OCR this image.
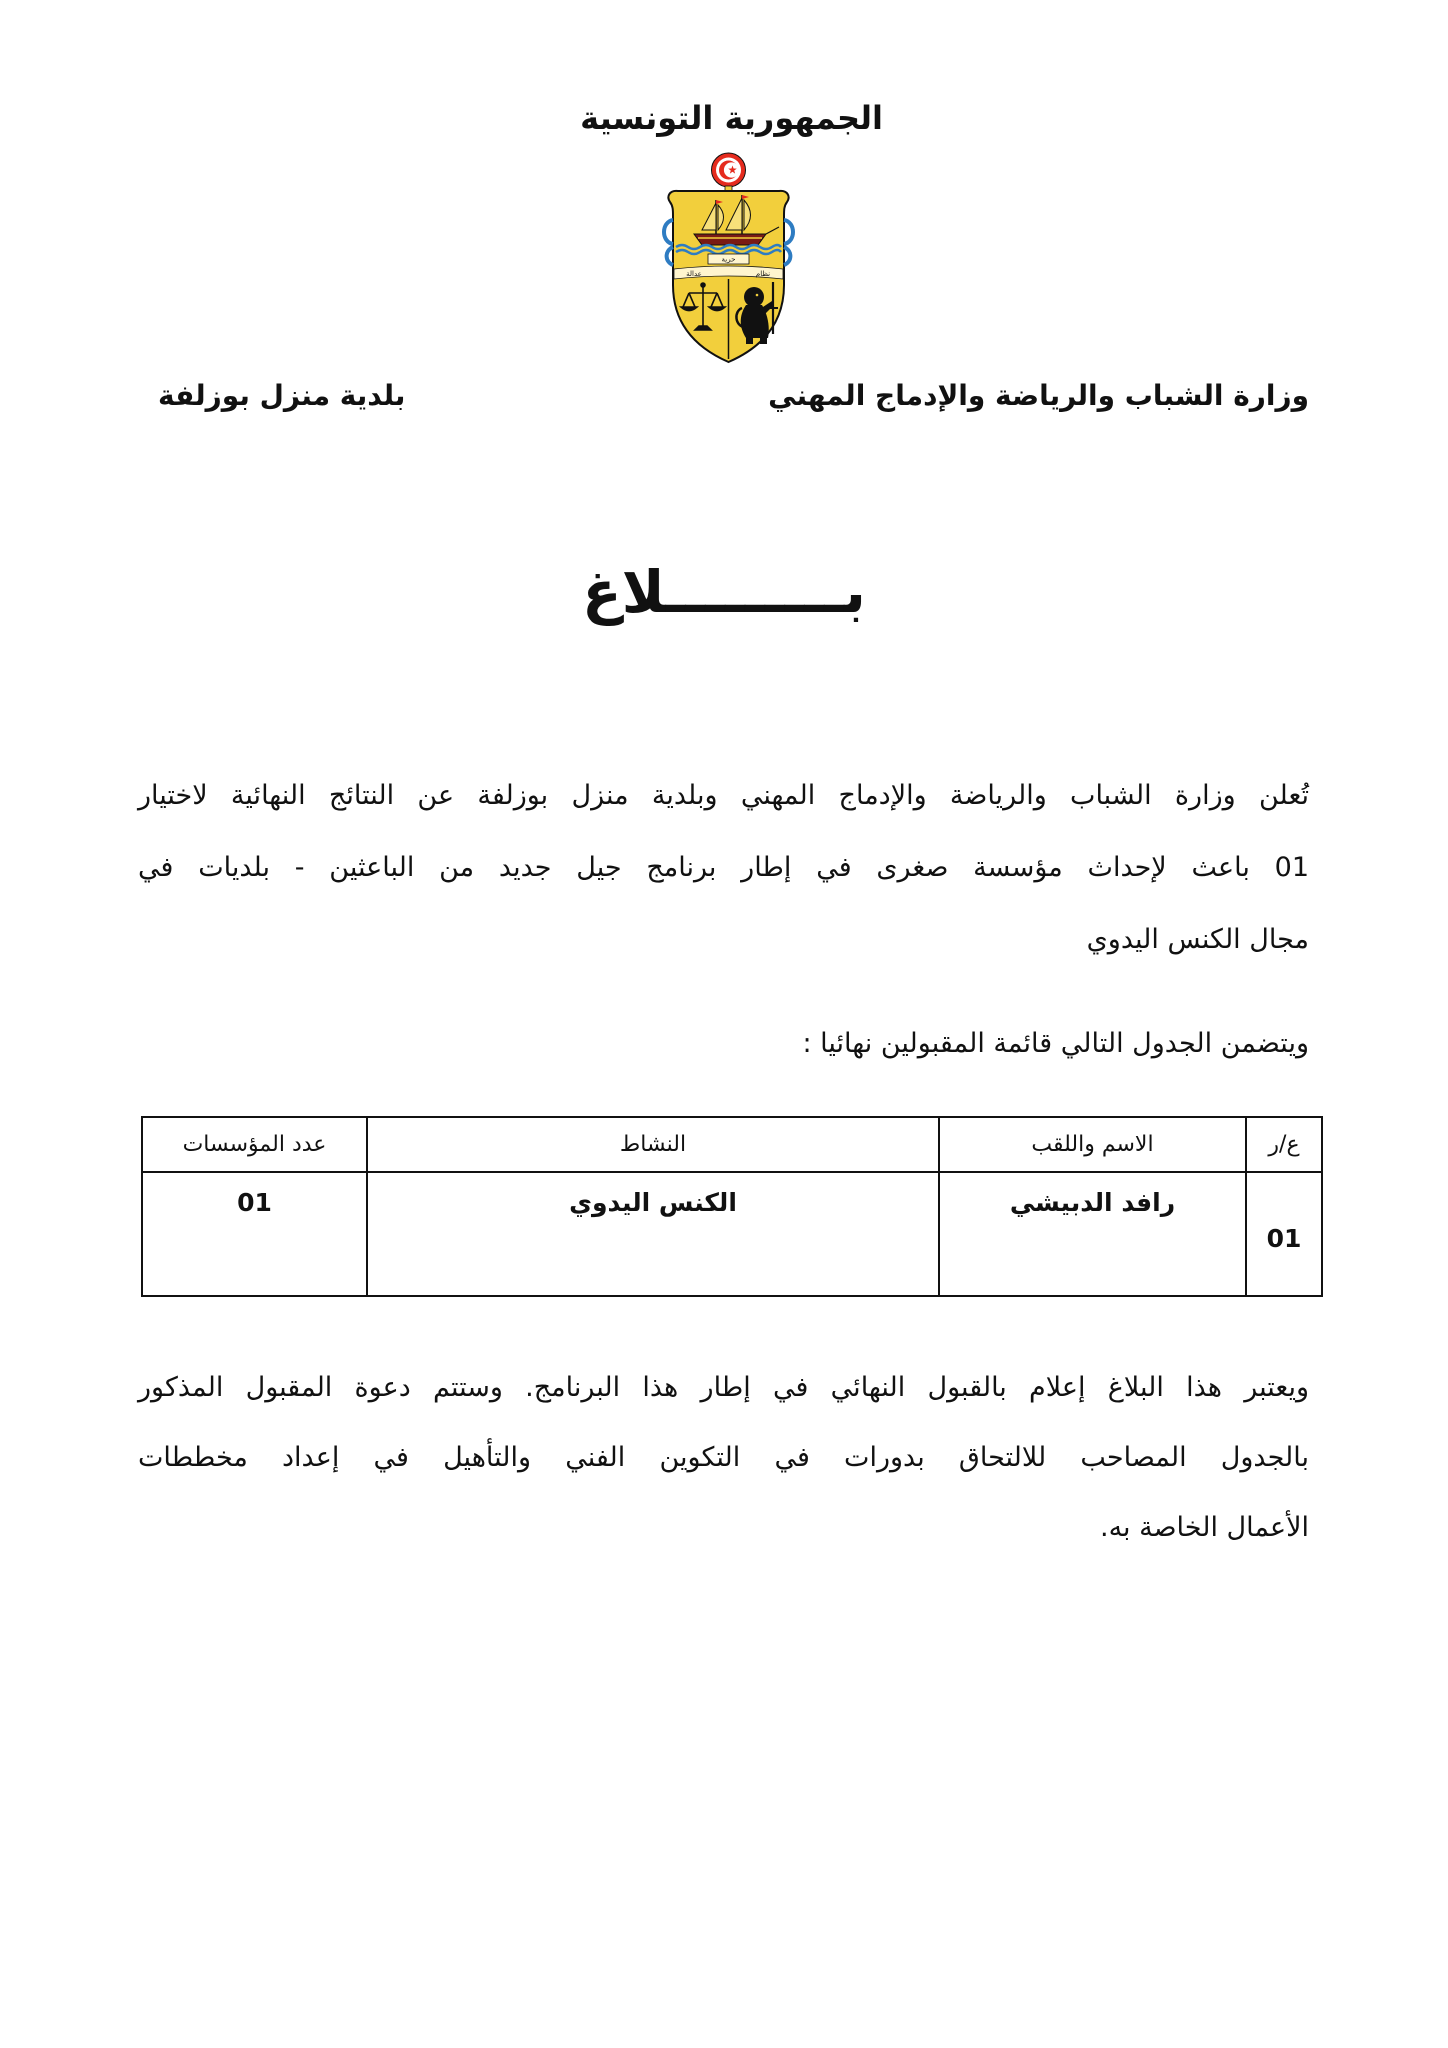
الجمهورية التونسية
حرية
عدالة	نظام
وزارة الشباب والرياضة والإدماج المهني
بلدية منزل بوزلفة
بـــــــــلاغ
تُعلن وزارة الشباب والرياضة والإدماج المهني وبلدية منزل بوزلفة عن النتائج النهائية لاختيار
01 باعث لإحداث مؤسسة صغرى في إطار برنامج جيل جديد من الباعثين - بلديات في
مجال الكنس اليدوي
ويتضمن الجدول التالي قائمة المقبولين نهائيا :
ع/ر	الاسم واللقب	النشاط	عدد المؤسسات
01	رافد الدبيشي	الكنس اليدوي	01
ويعتبر هذا البلاغ إعلام بالقبول النهائي في إطار هذا البرنامج. وستتم دعوة المقبول المذكور
بالجدول المصاحب للالتحاق بدورات في التكوين الفني والتأهيل في إعداد مخططات
الأعمال الخاصة به.
